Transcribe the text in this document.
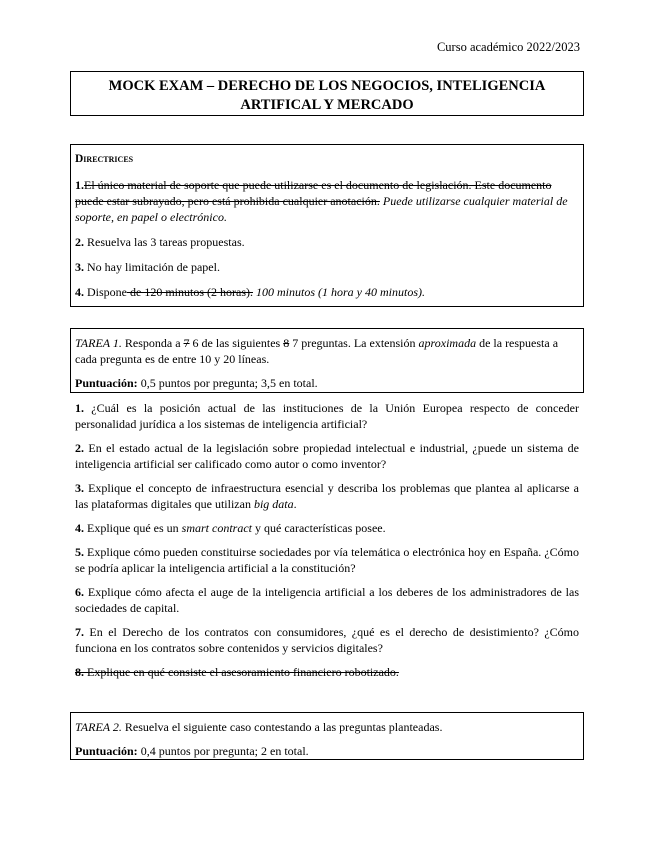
Curso académico 2022/2023
MOCK EXAM – DERECHO DE LOS NEGOCIOS, INTELIGENCIA
ARTIFICAL Y MERCADO
Directrices

1.El único material de soporte que puede utilizarse es el documento de legislación. Este documento puede estar subrayado, pero está prohibida cualquier anotación. Puede utilizarse cualquier material de soporte, en papel o electrónico.

2. Resuelva las 3 tareas propuestas.

3. No hay limitación de papel.

4. Dispone de 120 minutos (2 horas). 100 minutos (1 hora y 40 minutos).

TAREA 1. Responda a 7 6 de las siguientes 8 7 preguntas. La extensión aproximada de la respuesta a cada pregunta es de entre 10 y 20 líneas.

Puntuación: 0,5 puntos por pregunta; 3,5 en total.

1. ¿Cuál es la posición actual de las instituciones de la Unión Europea respecto de conceder personalidad jurídica a los sistemas de inteligencia artificial?

2. En el estado actual de la legislación sobre propiedad intelectual e industrial, ¿puede un sistema de inteligencia artificial ser calificado como autor o como inventor?

3. Explique el concepto de infraestructura esencial y describa los problemas que plantea al aplicarse a las plataformas digitales que utilizan big data.

4. Explique qué es un smart contract y qué características posee.

5. Explique cómo pueden constituirse sociedades por vía telemática o electrónica hoy en España. ¿Cómo se podría aplicar la inteligencia artificial a la constitución?

6. Explique cómo afecta el auge de la inteligencia artificial a los deberes de los administradores de las sociedades de capital.

7. En el Derecho de los contratos con consumidores, ¿qué es el derecho de desistimiento? ¿Cómo funciona en los contratos sobre contenidos y servicios digitales?

8. Explique en qué consiste el asesoramiento financiero robotizado.

TAREA 2. Resuelva el siguiente caso contestando a las preguntas planteadas.

Puntuación: 0,4 puntos por pregunta; 2 en total.
